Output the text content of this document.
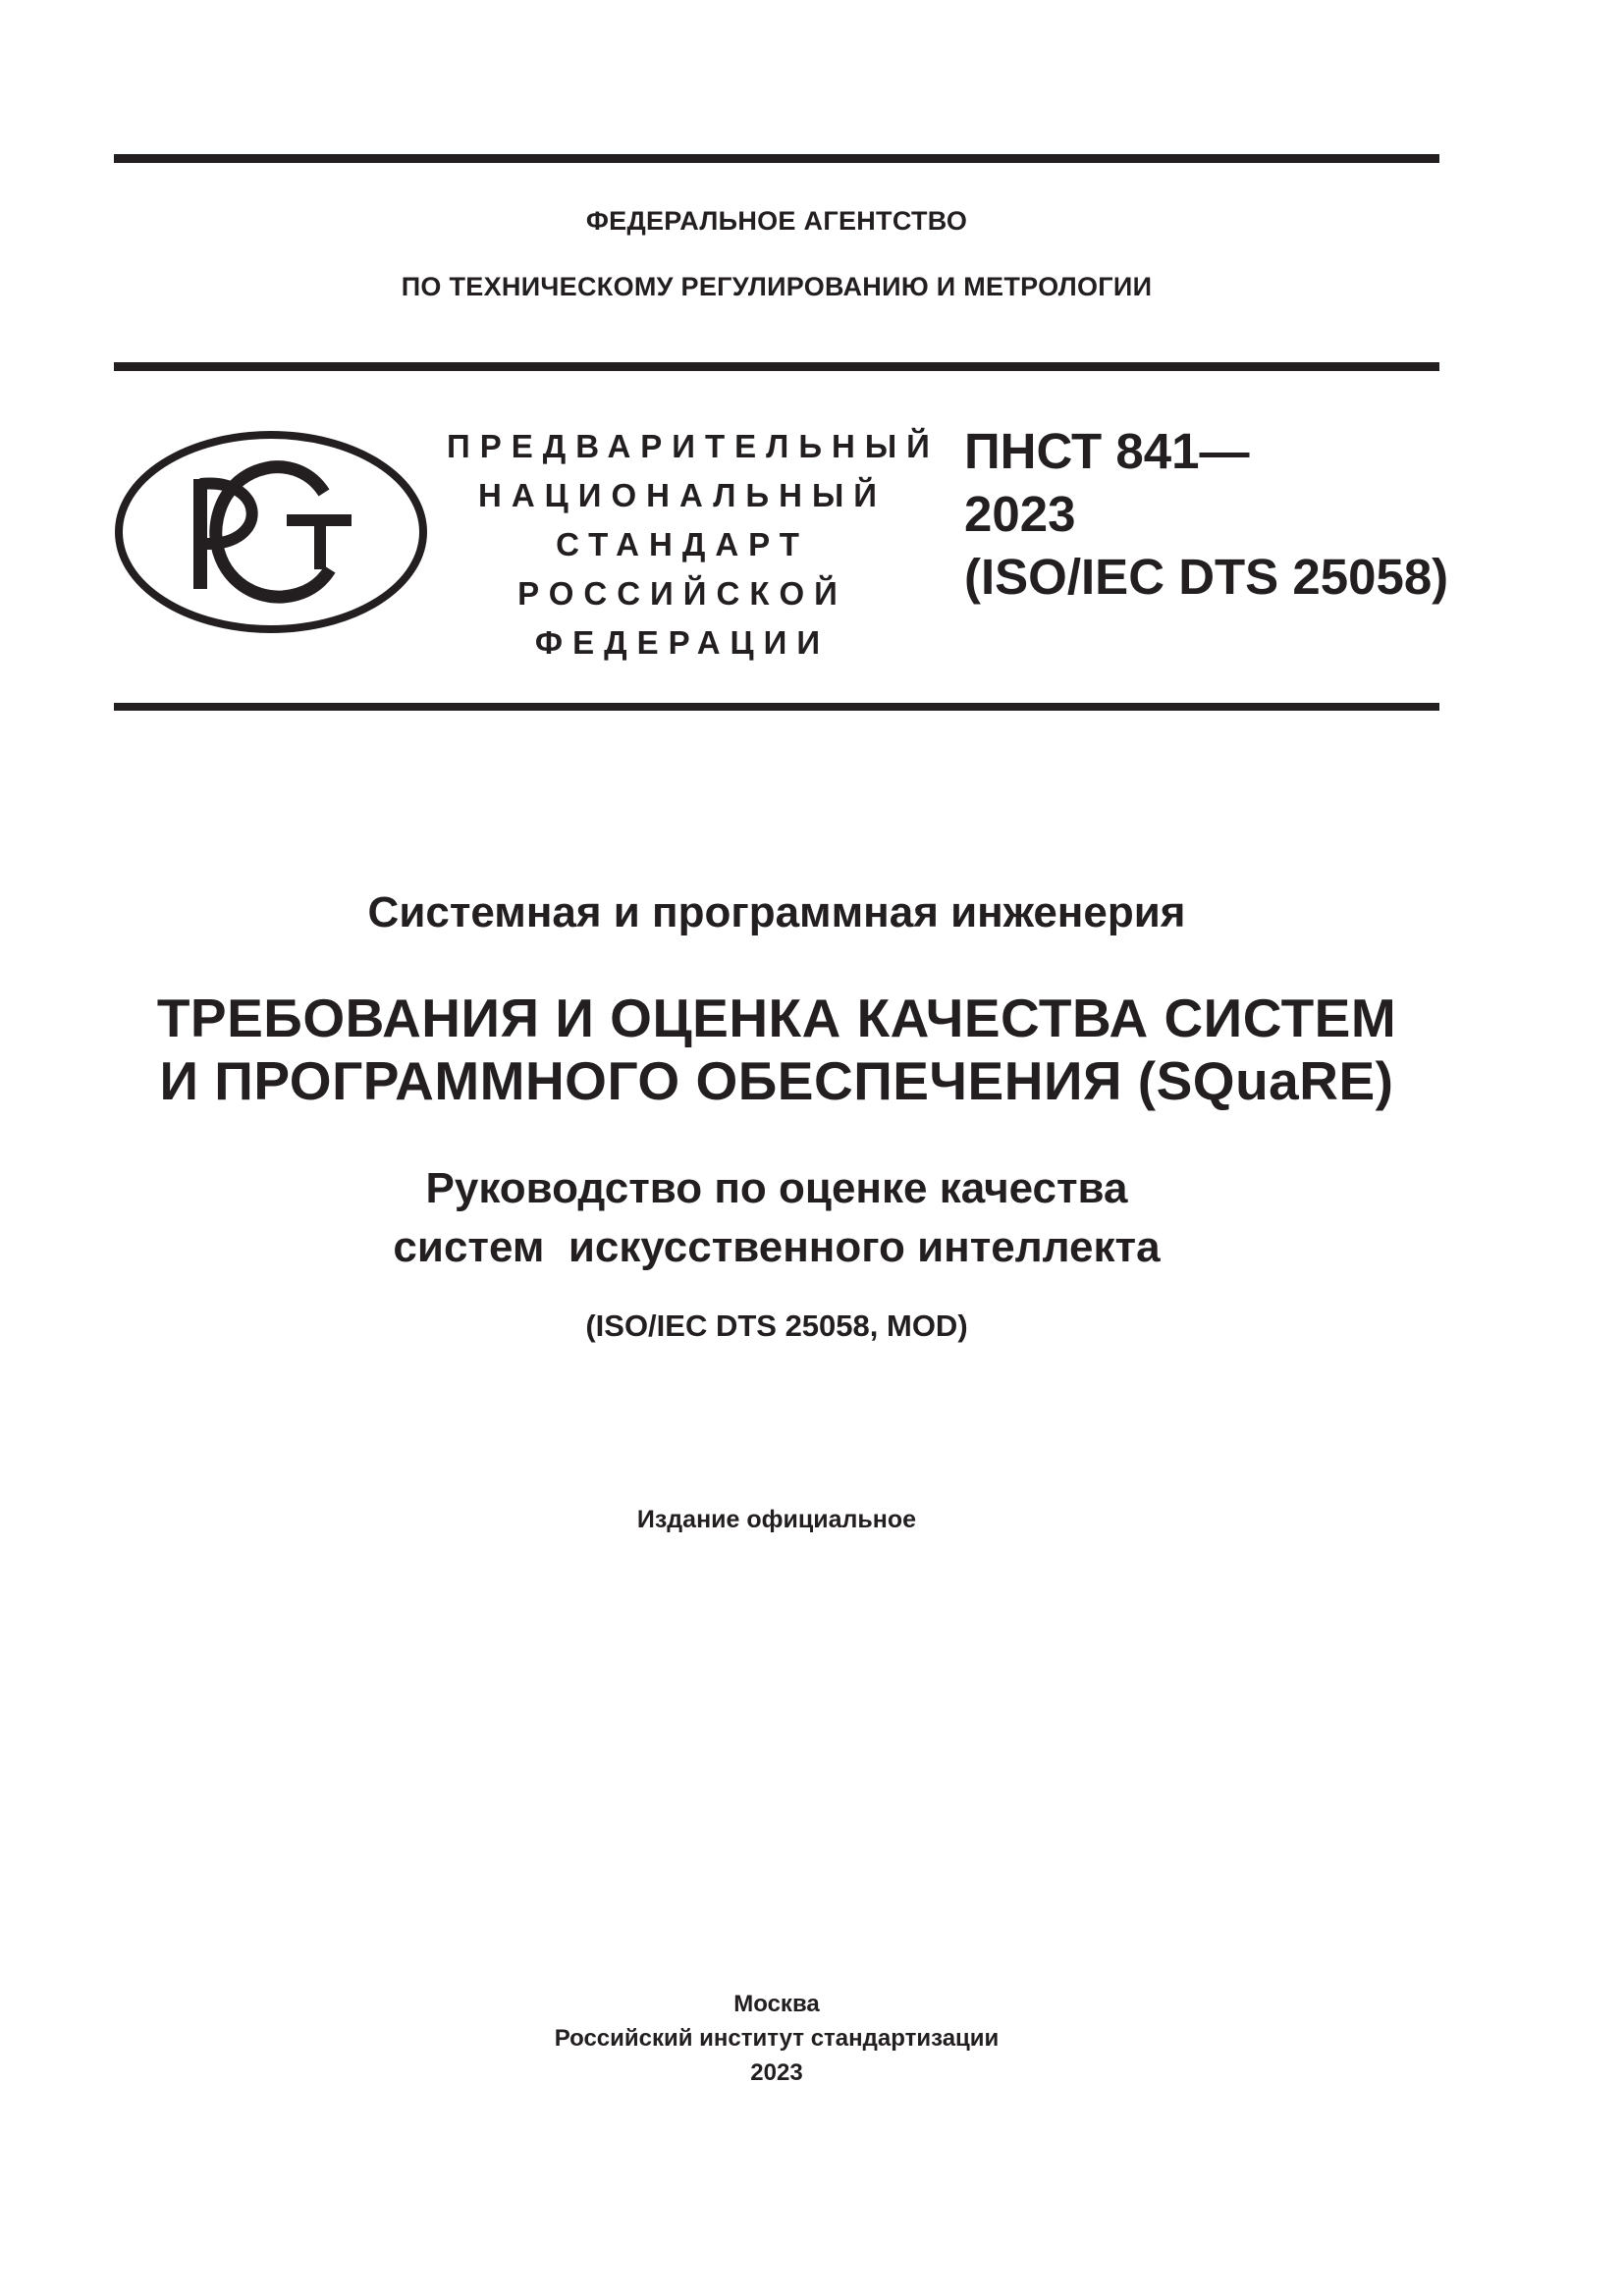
ФЕДЕРАЛЬНОЕ АГЕНТСТВО
ПО ТЕХНИЧЕСКОМУ РЕГУЛИРОВАНИЮ И МЕТРОЛОГИИ
ПРЕДВАРИТЕЛЬНЫЙ
НАЦИОНАЛЬНЫЙ
СТАНДАРТ
РОССИЙСКОЙ
ФЕДЕРАЦИИ
ПНСТ 841—
2023
(ISO/IEC DTS 25058)
Системная и программная инженерия
ТРЕБОВАНИЯ И ОЦЕНКА КАЧЕСТВА СИСТЕМ
И ПРОГРАММНОГО ОБЕСПЕЧЕНИЯ (SQuaRE)
Руководство по оценке качества
систем  искусственного интеллекта
(ISO/IEC DTS 25058, MOD)
Издание официальное
Москва
Российский институт стандартизации
2023
